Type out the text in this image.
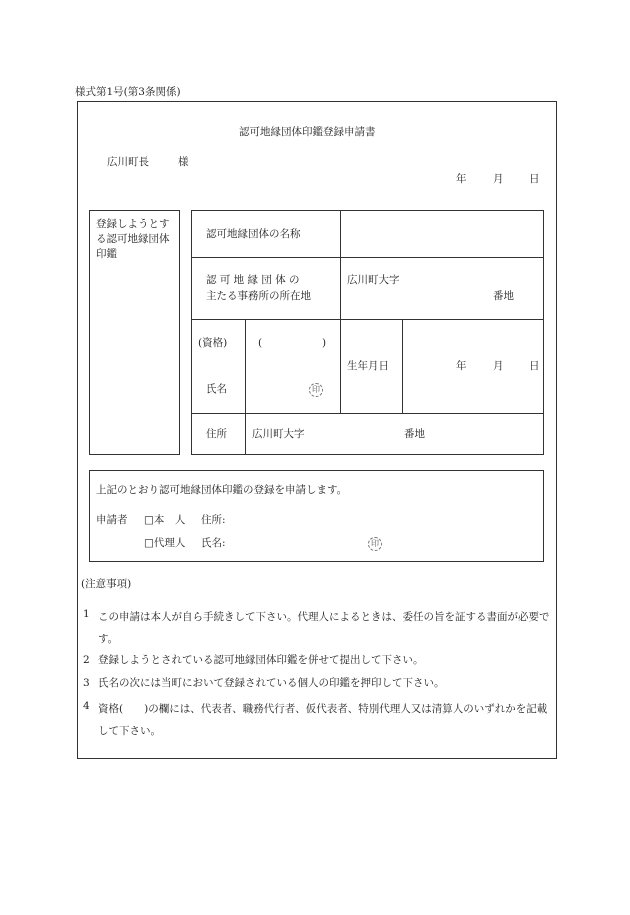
様式第1号(第3条関係)
認可地縁団体印鑑登録申請書
広川町長	様
年	月 日
登録しようとする認可地縁団体印鑑
認可地縁団体の名称
認 可 地 縁 団 体 の
主たる事務所の所在地
広川町大字
番地
(資格)	(	)
氏名	印
生年月日	年	月 日
住所 広川町大字	番地
上記のとおり認可地縁団体印鑑の登録を申請します。
申請者 □本　人 住所:
□代理人 氏名:	印
(注意事項)
1 この申請は本人が自ら手続きして下さい。代理人によるときは、委任の旨を証する書面が必要です。
2 登録しようとされている認可地縁団体印鑑を併せて提出して下さい。
3 氏名の次には当町において登録されている個人の印鑑を押印して下さい。
4 資格(　　)の欄には、代表者、職務代行者、仮代表者、特別代理人又は清算人のいずれかを記載して下さい。
